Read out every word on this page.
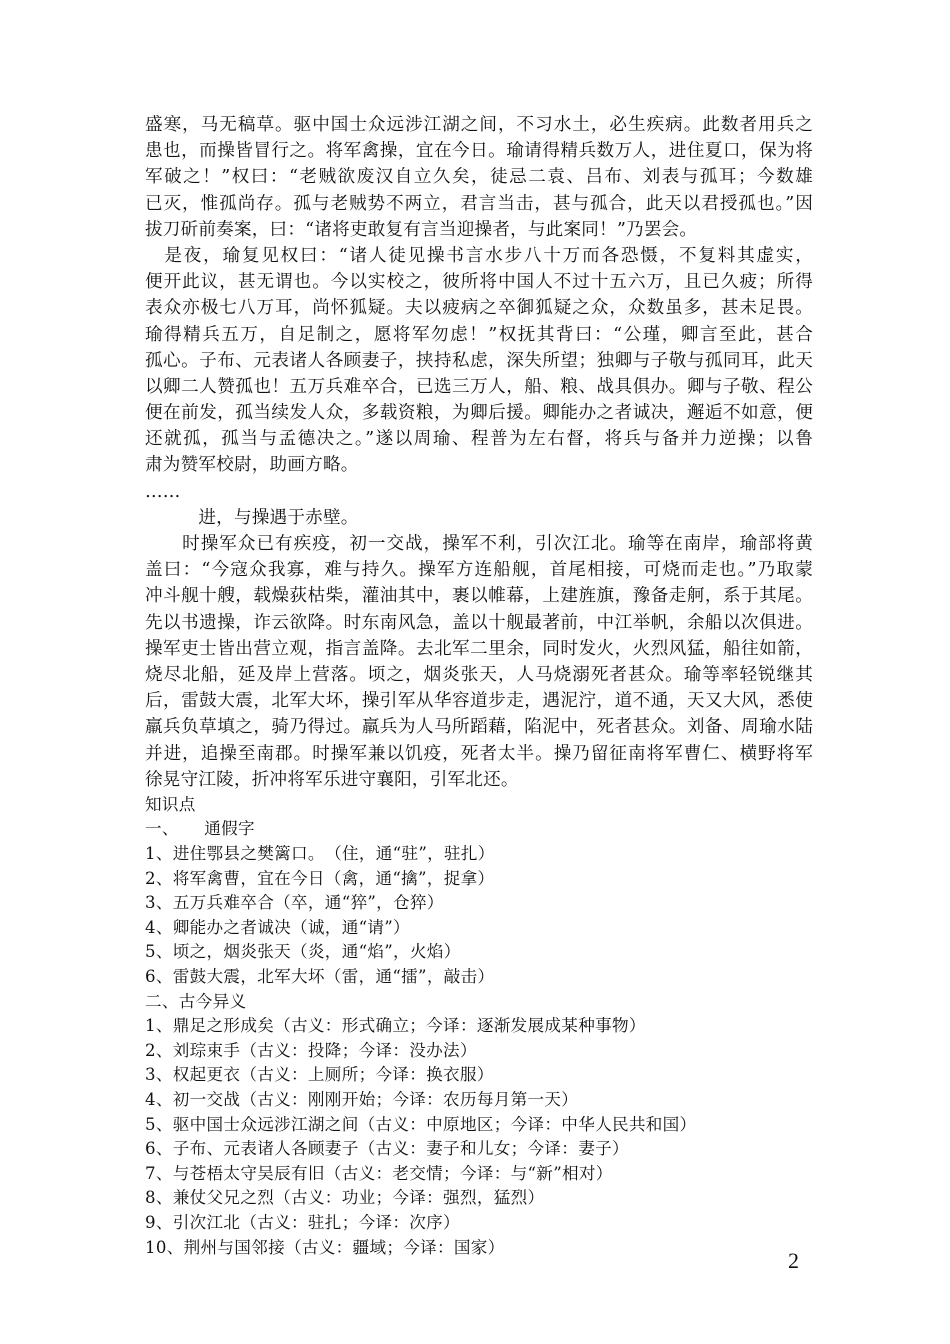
盛寒，马无稿草。驱中国士众远涉江湖之间，不习水土，必生疾病。此数者用兵之
患也，而操皆冒行之。将军禽操，宜在今日。瑜请得精兵数万人，进住夏口，保为将
军破之！”权曰：“老贼欲废汉自立久矣，徒忌二袁、吕布、刘表与孤耳；今数雄
已灭，惟孤尚存。孤与老贼势不两立，君言当击，甚与孤合，此天以君授孤也。”因
拔刀斫前奏案，曰：“诸将吏敢复有言当迎操者，与此案同！”乃罢会。
　是夜，瑜复见权曰：“诸人徒见操书言水步八十万而各恐慑，不复料其虚实，
便开此议，甚无谓也。今以实校之，彼所将中国人不过十五六万，且已久疲；所得
表众亦极七八万耳，尚怀狐疑。夫以疲病之卒御狐疑之众，众数虽多，甚未足畏。
瑜得精兵五万，自足制之，愿将军勿虑！”权抚其背曰：“公瑾，卿言至此，甚合
孤心。子布、元表诸人各顾妻子，挟持私虑，深失所望；独卿与子敬与孤同耳，此天
以卿二人赞孤也！五万兵难卒合，已选三万人，船、粮、战具俱办。卿与子敬、程公
便在前发，孤当续发人众，多载资粮，为卿后援。卿能办之者诚决，邂逅不如意，便
还就孤，孤当与孟德决之。”遂以周瑜、程普为左右督，将兵与备并力逆操；以鲁
肃为赞军校尉，助画方略。
……
　　　进，与操遇于赤壁。
　　时操军众已有疾疫，初一交战，操军不利，引次江北。瑜等在南岸，瑜部将黄
盖曰：“今寇众我寡，难与持久。操军方连船舰，首尾相接，可烧而走也。”乃取蒙
冲斗舰十艘，载燥荻枯柴，灌油其中，裹以帷幕，上建旌旗，豫备走舸，系于其尾。
先以书遗操，诈云欲降。时东南风急，盖以十舰最著前，中江举帆，余船以次俱进。
操军吏士皆出营立观，指言盖降。去北军二里余，同时发火，火烈风猛，船往如箭，
烧尽北船，延及岸上营落。顷之，烟炎张天，人马烧溺死者甚众。瑜等率轻锐继其
后，雷鼓大震，北军大坏，操引军从华容道步走，遇泥泞，道不通，天又大风，悉使
羸兵负草填之，骑乃得过。羸兵为人马所蹈藉，陷泥中，死者甚众。刘备、周瑜水陆
并进，追操至南郡。时操军兼以饥疫，死者太半。操乃留征南将军曹仁、横野将军
徐晃守江陵，折冲将军乐进守襄阳，引军北还。
知识点
一、　　通假字
1、进住鄂县之樊篱口。　（住，通“驻”，驻扎）
2、将军禽曹，宜在今日（禽，通“擒”，捉拿）
3、五万兵难卒合（卒，通“猝”，仓猝）
4、卿能办之者诚决（诚，通“请”）
5、顷之，烟炎张天（炎，通“焰”，火焰）
6、雷鼓大震，北军大坏（雷，通“擂”，敲击）
二、古今异义
1、鼎足之形成矣（古义：形式确立；今译：逐渐发展成某种事物）
2、刘琮束手（古义：投降；今译：没办法）
3、权起更衣（古义：上厕所；今译：换衣服）
4、初一交战（古义：刚刚开始；今译：农历每月第一天）
5、驱中国士众远涉江湖之间（古义：中原地区；今译：中华人民共和国）
6、子布、元表诸人各顾妻子（古义：妻子和儿女；今译：妻子）
7、与苍梧太守吴辰有旧（古义：老交情；今译：与“新”相对）
8、兼仗父兄之烈（古义：功业；今译：强烈，猛烈）
9、引次江北（古义：驻扎；今译：次序）
10、荆州与国邻接（古义：疆域；今译：国家）
2
